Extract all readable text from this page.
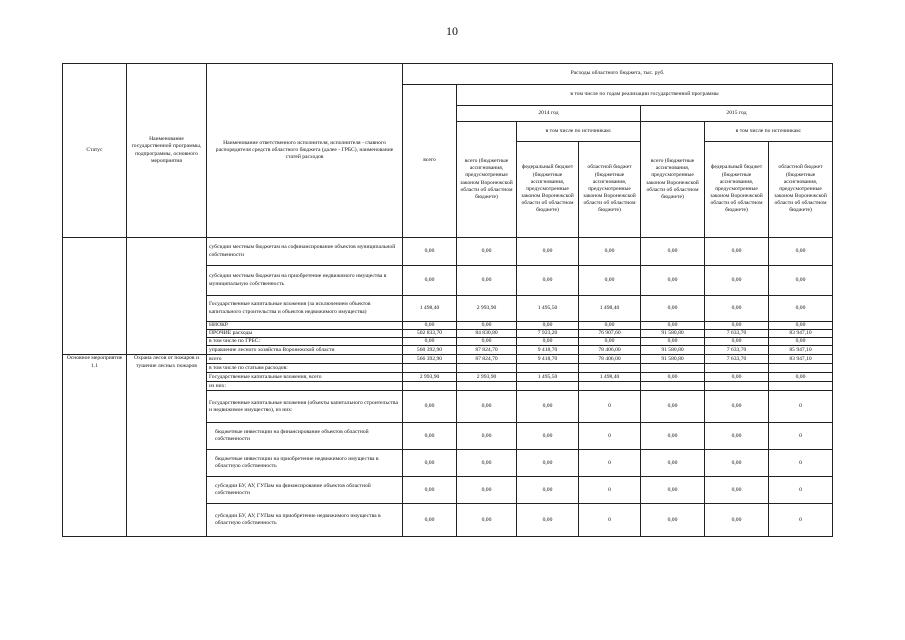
10
Статус	Наименование государственной программы, подпрограммы, основного мероприятия	Наименование ответственного исполнителя, исполнителя - главного распорядителя средств областного бюджета (далее - ГРБС), наименование статей расходов	Расходы областного бюджета, тыс. руб.						
			всего	в том числе по годам реализации государственной программы					
				2014 год			2015 год		
				всего (бюджетные ассигнования, предусмотренные законом Воронежской области об областном бюджете)	в том числе по источникам:		всего (бюджетные ассигнования, предусмотренные законом Воронежской области об областном бюджете)	в том числе по источникам:	
					федеральный бюджет (бюджетные ассигнования, предусмотренные законом Воронежской области об областном бюджете)	областной бюджет (бюджетные ассигнования, предусмотренные законом Воронежской области об областном бюджете)		федеральный бюджет (бюджетные ассигнования, предусмотренные законом Воронежской области об областном бюджете)	областной бюджет (бюджетные ассигнования, предусмотренные законом Воронежской области об областном бюджете)
		субсидии местным бюджетам на софинансирование объектов муниципальной собственности	0,00	0,00	0,00	0,00	0,00	0,00	0,00
		субсидии местным бюджетам на приобретение недвижимого имущества в муниципальную собственность	0,00	0,00	0,00	0,00	0,00	0,00	0,00
		Государственные капитальные вложения (за исключением объектов капитального строительства и объектов недвижимого имущества)	1 498,40	2 993,90	1 495,50	1 498,40	0,00	0,00	0,00
		НИОКР	0,00	0,00	0,00	0,00	0,00	0,00	0,00
		ПРОЧИЕ расходы	502 833,70	84 830,80	7 923,20	76 907,60	91 580,80	7 633,70	83 947,10
		в том числе по ГРБС:	0,00	0,00	0,00	0,00	0,00	0,00	0,00
		управление лесного хозяйства Воронежской области	560 392,90	87 824,70	9 418,70	78 406,00	91 580,80	7 633,70	85 947,10
Основное мероприятие 1.1	Охрана лесов от пожаров и тушение лесных пожаров	всего	566 392,90	87 824,70	9 418,70	78 406,00	91 580,80	7 633,70	83 947,10
		в том числе по статьям расходов:							
		Государственные капитальные вложения, всего	2 993,90	2 993,90	1 495,50	1 498,40	0,00	0,00	0,00
		из них:							
		Государственные капитальные вложения (объекты капитального строительства и недвижимое имущество), из них:	0,00	0,00	0,00	0	0,00	0,00	0
		бюджетные инвестиции на финансирование объектов областной собственности	0,00	0,00	0,00	0	0,00	0,00	0
		бюджетные инвестиции на приобретение недвижимого имущества в областную собственность	0,00	0,00	0,00	0	0,00	0,00	0
		субсидии БУ, АУ, ГУПам на финансирование объектов областной собственности	0,00	0,00	0,00	0	0,00	0,00	0
		субсидии БУ, АУ, ГУПам на приобретение недвижимого имущества в областную собственность	0,00	0,00	0,00	0	0,00	0,00	0
